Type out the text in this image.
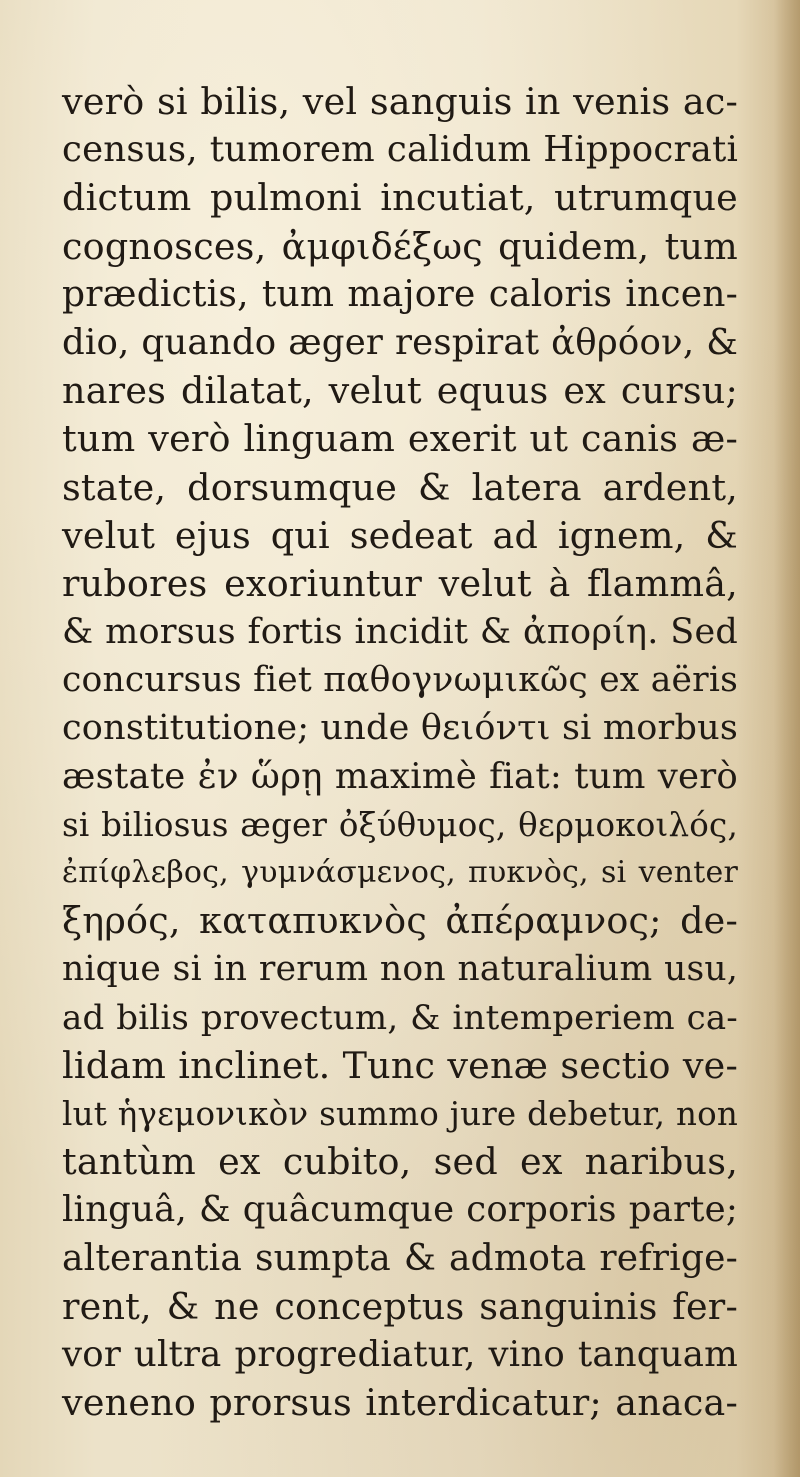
verò si bilis, vel sanguis in venis ac-
census, tumorem calidum Hippocrati
dictum pulmoni incutiat, utrumque
cognosces, ἀμφιδέξως quidem, tum
prædictis, tum majore caloris incen-
dio, quando æger respirat ἀθρόον, &
nares dilatat, velut equus ex cursu;
tum verò linguam exerit ut canis æ-
state, dorsumque & latera ardent,
velut ejus qui sedeat ad ignem, &
rubores exoriuntur velut à flammâ,
& morsus fortis incidit & ἀπορίη. Sed
concursus fiet παθογνωμικῶς ex aëris
constitutione; unde θειόντι si morbus
æstate ἐν ὥρῃ maximè fiat: tum verò
si biliosus æger ὀξύθυμος, θερμοκοιλός,
ἐπίφλεβος, γυμνάσμενος, πυκνὸς, si venter
ξηρός, καταπυκνὸς ἀπέραμνος; de-
nique si in rerum non naturalium usu,
ad bilis provectum, & intemperiem ca-
lidam inclinet. Tunc venæ sectio ve-
lut ἡγεμονικὸν summo jure debetur, non
tantùm ex cubito, sed ex naribus,
linguâ, & quâcumque corporis parte;
alterantia sumpta & admota refrige-
rent, & ne conceptus sanguinis fer-
vor ultra progrediatur, vino tanquam
veneno prorsus interdicatur; anaca-
